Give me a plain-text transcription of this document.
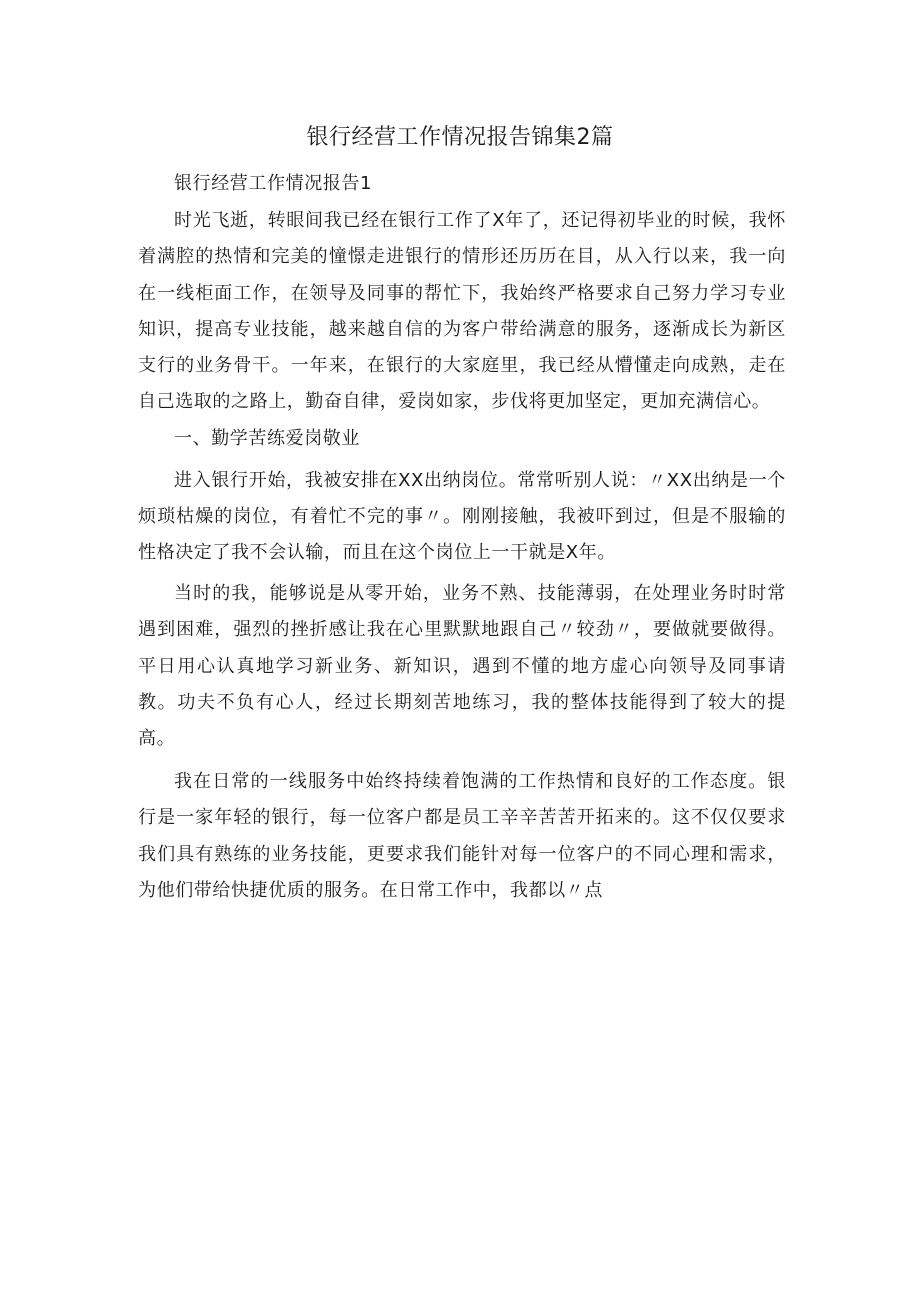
银行经营工作情况报告锦集2篇

银行经营工作情况报告1

时光飞逝，转眼间我已经在银行工作了X年了，还记得初毕业的时候，我怀着满腔的热情和完美的憧憬走进银行的情形还历历在目，从入行以来，我一向在一线柜面工作，在领导及同事的帮忙下，我始终严格要求自己努力学习专业知识，提高专业技能，越来越自信的为客户带给满意的服务，逐渐成长为新区支行的业务骨干。一年来，在银行的大家庭里，我已经从懵懂走向成熟，走在自己选取的之路上，勤奋自律，爱岗如家，步伐将更加坚定，更加充满信心。

一、勤学苦练爱岗敬业

进入银行开始，我被安排在XX出纳岗位。常常听别人说：〃XX出纳是一个烦琐枯燥的岗位，有着忙不完的事〃。刚刚接触，我被吓到过，但是不服输的性格决定了我不会认输，而且在这个岗位上一干就是X年。

当时的我，能够说是从零开始，业务不熟、技能薄弱，在处理业务时时常遇到困难，强烈的挫折感让我在心里默默地跟自己〃较劲〃，要做就要做得。平日用心认真地学习新业务、新知识，遇到不懂的地方虚心向领导及同事请教。功夫不负有心人，经过长期刻苦地练习，我的整体技能得到了较大的提高。

我在日常的一线服务中始终持续着饱满的工作热情和良好的工作态度。银行是一家年轻的银行，每一位客户都是员工辛辛苦苦开拓来的。这不仅仅要求我们具有熟练的业务技能，更要求我们能针对每一位客户的不同心理和需求，为他们带给快捷优质的服务。在日常工作中，我都以〃点
